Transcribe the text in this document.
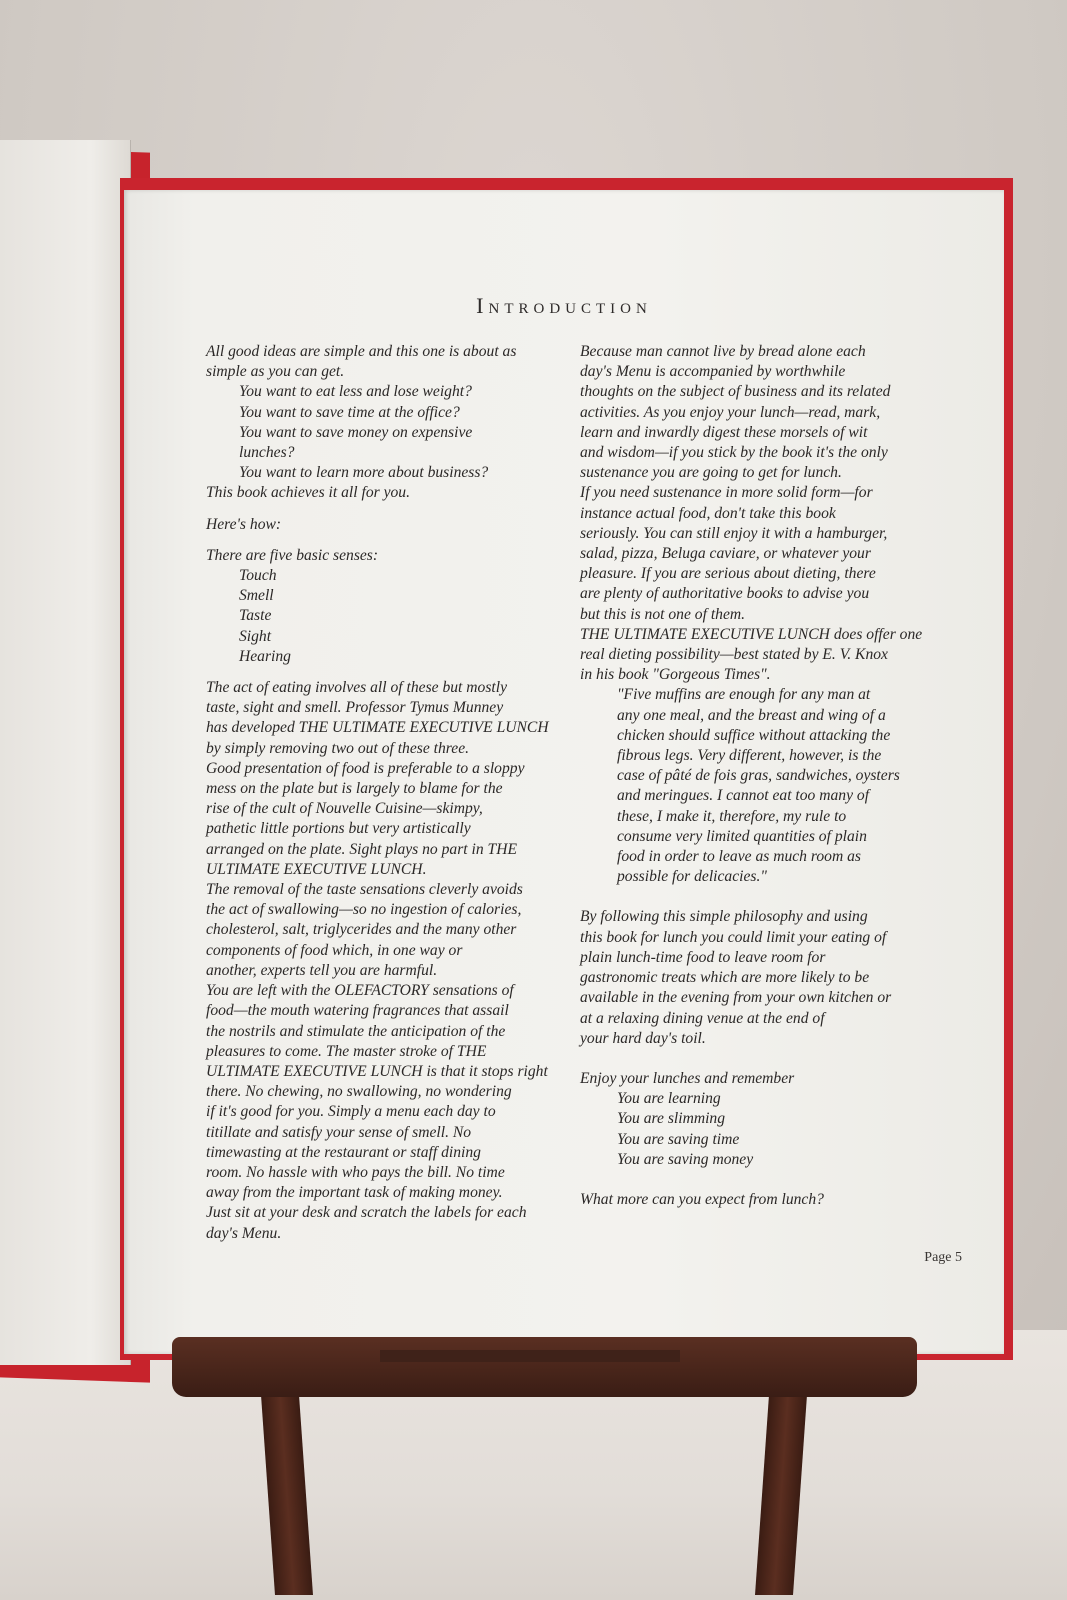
Introduction
All good ideas are simple and this one is about as
simple as you can get.
You want to eat less and lose weight?
You want to save time at the office?
You want to save money on expensive
lunches?
You want to learn more about business?
This book achieves it all for you.
Here's how:
There are five basic senses:
Touch
Smell
Taste
Sight
Hearing
The act of eating involves all of these but mostly
taste, sight and smell. Professor Tymus Munney
has developed THE ULTIMATE EXECUTIVE LUNCH
by simply removing two out of these three.
Good presentation of food is preferable to a sloppy
mess on the plate but is largely to blame for the
rise of the cult of Nouvelle Cuisine—skimpy,
pathetic little portions but very artistically
arranged on the plate. Sight plays no part in THE
ULTIMATE EXECUTIVE LUNCH.
The removal of the taste sensations cleverly avoids
the act of swallowing—so no ingestion of calories,
cholesterol, salt, triglycerides and the many other
components of food which, in one way or
another, experts tell you are harmful.
You are left with the OLEFACTORY sensations of
food—the mouth watering fragrances that assail
the nostrils and stimulate the anticipation of the
pleasures to come. The master stroke of THE
ULTIMATE EXECUTIVE LUNCH is that it stops right
there. No chewing, no swallowing, no wondering
if it's good for you. Simply a menu each day to
titillate and satisfy your sense of smell. No
timewasting at the restaurant or staff dining
room. No hassle with who pays the bill. No time
away from the important task of making money.
Just sit at your desk and scratch the labels for each
day's Menu.
Because man cannot live by bread alone each
day's Menu is accompanied by worthwhile
thoughts on the subject of business and its related
activities. As you enjoy your lunch—read, mark,
learn and inwardly digest these morsels of wit
and wisdom—if you stick by the book it's the only
sustenance you are going to get for lunch.
If you need sustenance in more solid form—for
instance actual food, don't take this book
seriously. You can still enjoy it with a hamburger,
salad, pizza, Beluga caviare, or whatever your
pleasure. If you are serious about dieting, there
are plenty of authoritative books to advise you
but this is not one of them.
THE ULTIMATE EXECUTIVE LUNCH does offer one
real dieting possibility—best stated by E. V. Knox
in his book "Gorgeous Times".
"Five muffins are enough for any man at
any one meal, and the breast and wing of a
chicken should suffice without attacking the
fibrous legs. Very different, however, is the
case of pâté de fois gras, sandwiches, oysters
and meringues. I cannot eat too many of
these, I make it, therefore, my rule to
consume very limited quantities of plain
food in order to leave as much room as
possible for delicacies."
By following this simple philosophy and using
this book for lunch you could limit your eating of
plain lunch-time food to leave room for
gastronomic treats which are more likely to be
available in the evening from your own kitchen or
at a relaxing dining venue at the end of
your hard day's toil.
Enjoy your lunches and remember
You are learning
You are slimming
You are saving time
You are saving money
What more can you expect from lunch?
Page 5
